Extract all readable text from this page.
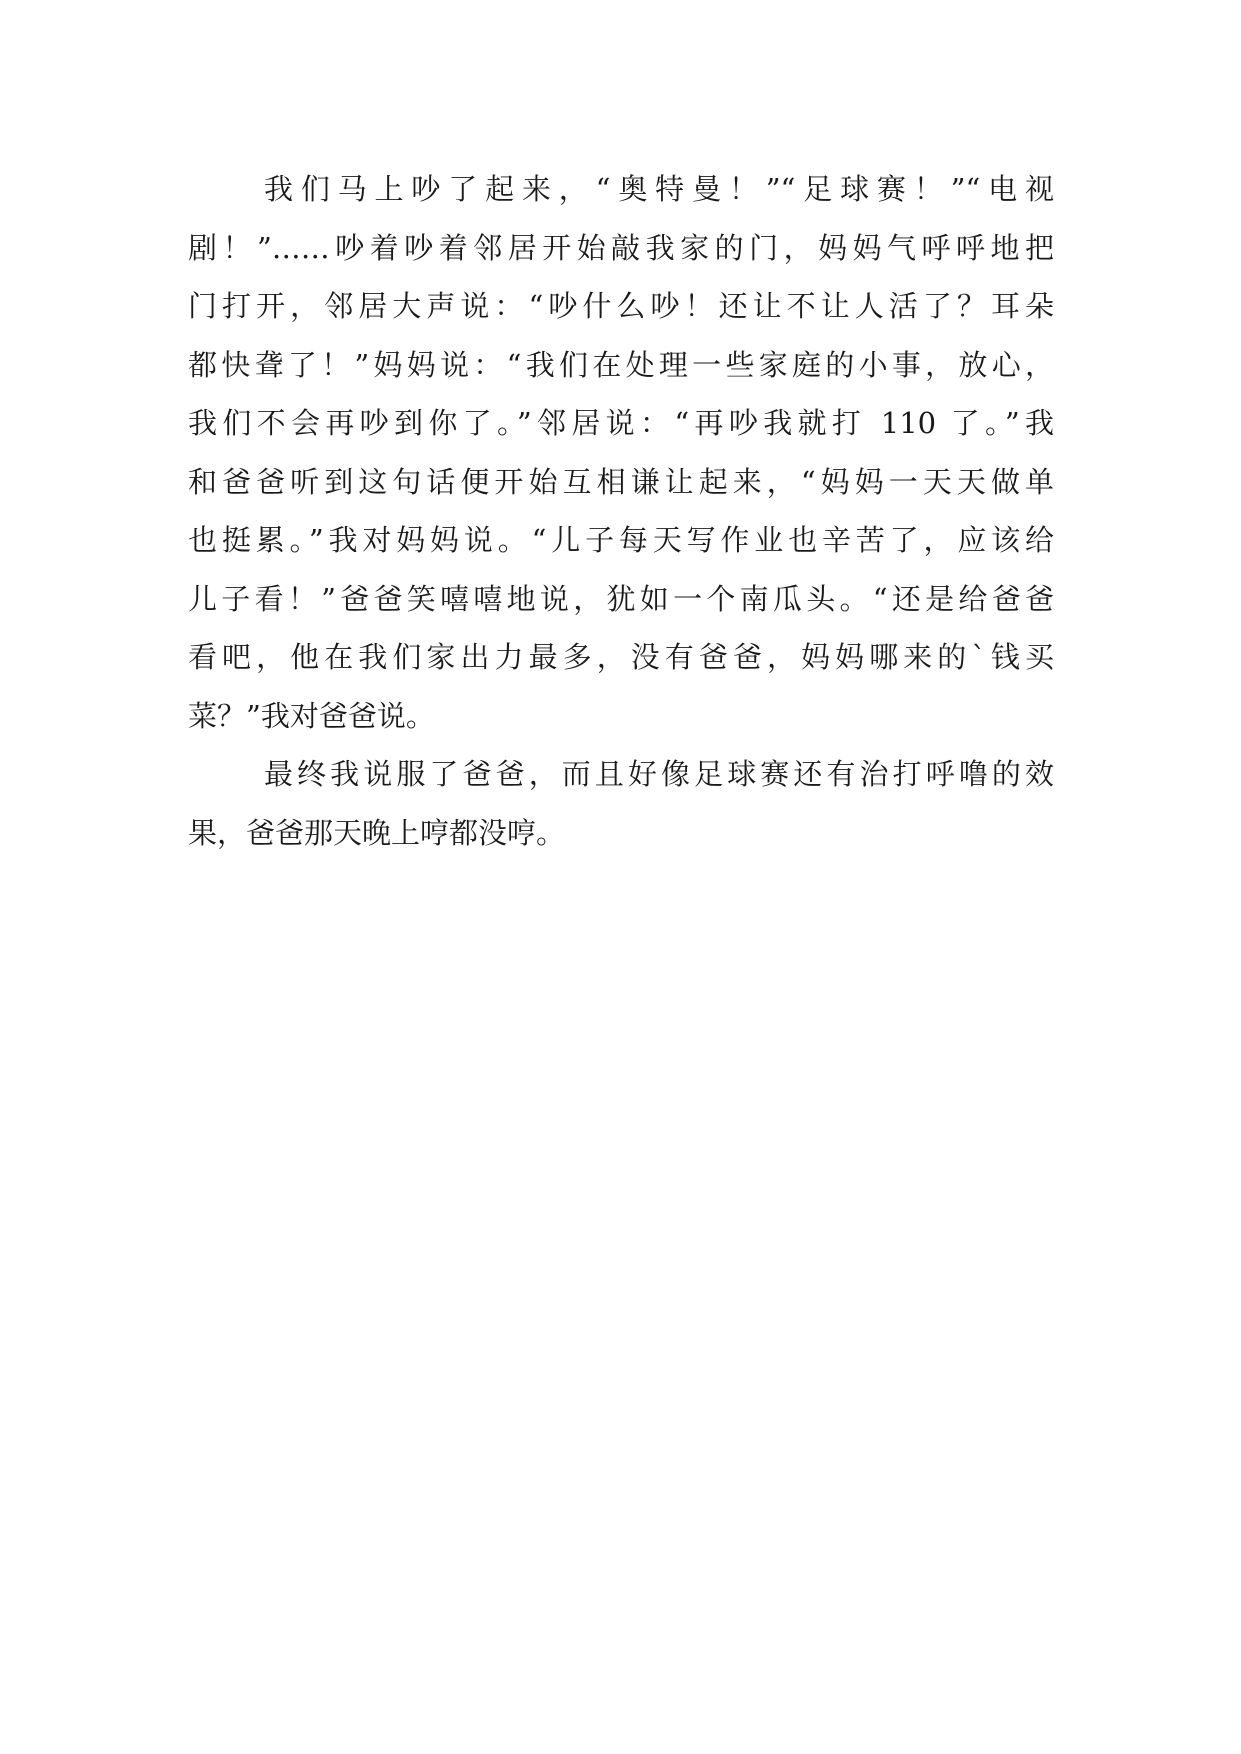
我们马上吵了起来，“奥特曼！”“足球赛！”“电视
剧！”……吵着吵着邻居开始敲我家的门，妈妈气呼呼地把
门打开，邻居大声说：“吵什么吵！还让不让人活了？耳朵
都快聋了！”妈妈说：“我们在处理一些家庭的小事，放心，
我们不会再吵到你了。”邻居说：“再吵我就打 110 了。”我
和爸爸听到这句话便开始互相谦让起来，“妈妈一天天做单
也挺累。”我对妈妈说。“儿子每天写作业也辛苦了，应该给
儿子看！”爸爸笑嘻嘻地说，犹如一个南瓜头。“还是给爸爸
看吧，他在我们家出力最多，没有爸爸，妈妈哪来的`钱买
菜？”我对爸爸说。
最终我说服了爸爸，而且好像足球赛还有治打呼噜的效
果，爸爸那天晚上哼都没哼。
